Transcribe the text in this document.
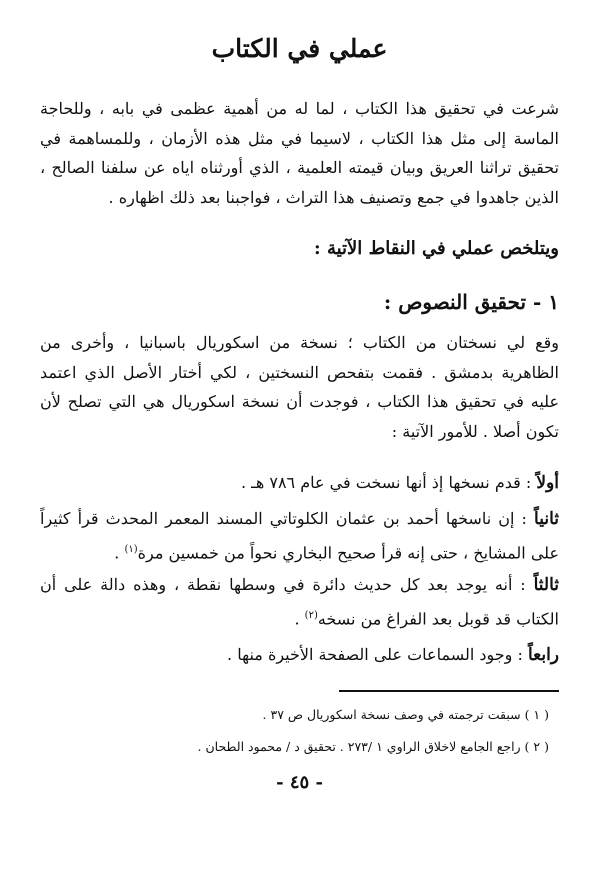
عملي في الكتاب
شرعت في تحقيق هذا الكتاب ، لما له من أهمية عظمى في بابه ، وللحاجة الماسة إلى مثل هذا الكتاب ، لاسيما في مثل هذه الأزمان ، وللمساهمة في تحقيق تراثنا العريق وبيان قيمته العلمية ، الذي أورثناه اياه عن سلفنا الصالح ، الذين جاهدوا في جمع وتصنيف هذا التراث ، فواجبنا بعد ذلك اظهاره .
ويتلخص عملي في النقاط الآتية :
١ - تحقيق النصوص :
وقع لي نسختان من الكتاب ؛ نسخة من اسكوريال باسبانيا ، وأخرى من الظاهرية بدمشق . فقمت بتفحص النسختين ، لكي أختار الأصل الذي اعتمد عليه في تحقيق هذا الكتاب ، فوجدت أن نسخة اسكوريال هي التي تصلح لأن تكون أصلا . للأمور الآتية :
أولاً : قدم نسخها إذ أنها نسخت في عام ٧٨٦ هـ .
ثانياً : إن ناسخها أحمد بن عثمان الكلوتاتي المسند المعمر المحدث قرأ كثيراً على المشايخ ، حتى إنه قرأ صحيح البخاري نحواً من خمسين مرة$^{(١)}$ .
ثالثاً : أنه يوجد بعد كل حديث دائرة في وسطها نقطة ، وهذه دالة على أن الكتاب قد قوبل بعد الفراغ من نسخه$^{(٢)}$ .
رابعاً : وجود السماعات على الصفحة الأخيرة منها .
( ١ ) سبقت ترجمته في وصف نسخة اسكوريال ص ٣٧ .
( ٢ ) راجع الجامع لاخلاق الراوي ١ /٢٧٣ . تحقيق د / محمود الطحان .
- ٤٥ -
